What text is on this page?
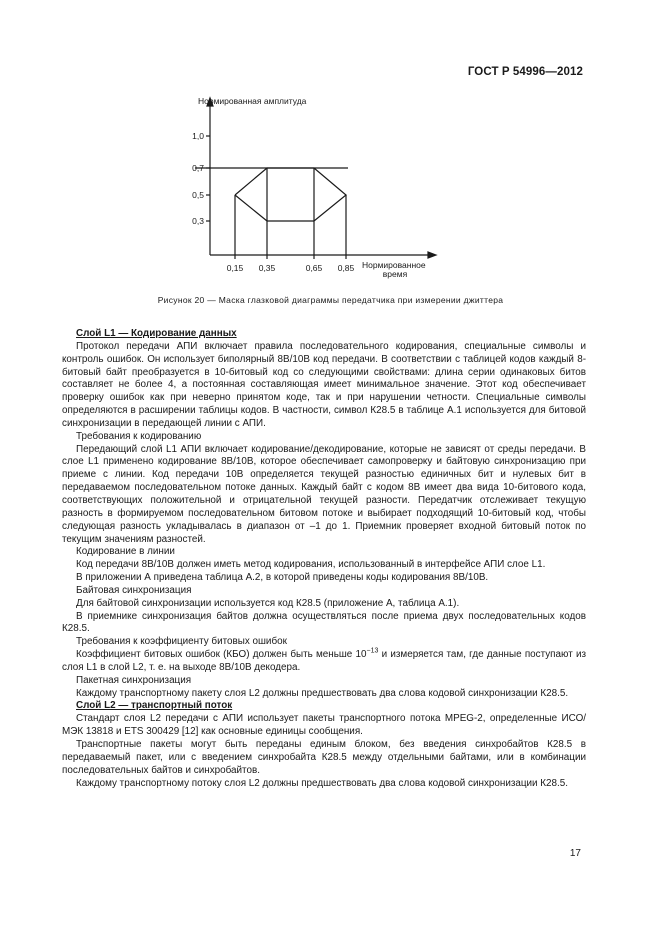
ГОСТ Р 54996—2012
0,3
0,5
0,7
1,0
0,15 0,35	0,65 0,85
Нормированная амплитуда
Нормированное
время
Рисунок 20 — Маска глазковой диаграммы передатчика при измерении джиттера

Слой L1 — Кодирование данных

Протокол передачи АПИ включает правила последовательного кодирования, специальные символы и контроль ошибок. Он использует биполярный 8B/10B код передачи. В соответствии с таблицей кодов каждый 8-битовый байт преобразуется в 10-битовый код со следующими свойствами: длина серии одинаковых битов составляет не более 4, а постоянная составляющая имеет минимальное значение. Этот код обеспечивает проверку ошибок как при неверно принятом коде, так и при нарушении четности. Специальные символы определяются в расширении таблицы кодов. В частности, символ К28.5 в таблице А.1 используется для битовой синхронизации в передающей линии с АПИ.

Требования к кодированию

Передающий слой L1 АПИ включает кодирование/декодирование, которые не зависят от среды передачи. В слое L1 применено кодирование 8В/10В, которое обеспечивает самопроверку и байтовую синхронизацию при приеме с линии. Код передачи 10В определяется текущей разностью единичных бит и нулевых бит в передаваемом последовательном потоке данных. Каждый байт с кодом 8В имеет два вида 10-битового кода, соответствующих положительной и отрицательной текущей разности. Передатчик отслеживает текущую разность в формируемом последовательном битовом потоке и выбирает подходящий 10-битовый код, чтобы следующая разность укладывалась в диапазон от –1 до 1. Приемник проверяет входной битовый поток по текущим значениям разностей.

Кодирование в линии

Код передачи 8В/10В должен иметь метод кодирования, использованный в интерфейсе АПИ слое L1.

В приложении А приведена таблица А.2, в которой приведены коды кодирования 8В/10В.

Байтовая синхронизация

Для байтовой синхронизации используется код К28.5 (приложение А, таблица А.1).

В приемнике синхронизация байтов должна осуществляться после приема двух последовательных кодов К28.5.

Требования к коэффициенту битовых ошибок

Коэффициент битовых ошибок (КБО) должен быть меньше $10^{-13}$ и измеряется там, где данные поступают из слоя L1 в слой L2, т. е. на выходе 8В/10В декодера.

Пакетная синхронизация

Каждому транспортному пакету слоя L2 должны предшествовать два слова кодовой синхронизации К28.5.

Слой L2 — транспортный поток

Стандарт слоя L2 передачи с АПИ использует пакеты транспортного потока MPEG-2, определенные ИСО/МЭК 13818 и ETS 300429 [12] как основные единицы сообщения.

Транспортные пакеты могут быть переданы единым блоком, без введения синхробайтов К28.5 в передаваемый пакет, или с введением синхробайта К28.5 между отдельными байтами, или в комбинации последовательных байтов и синхробайтов.

Каждому транспортному потоку слоя L2 должны предшествовать два слова кодовой синхронизации К28.5.

17
